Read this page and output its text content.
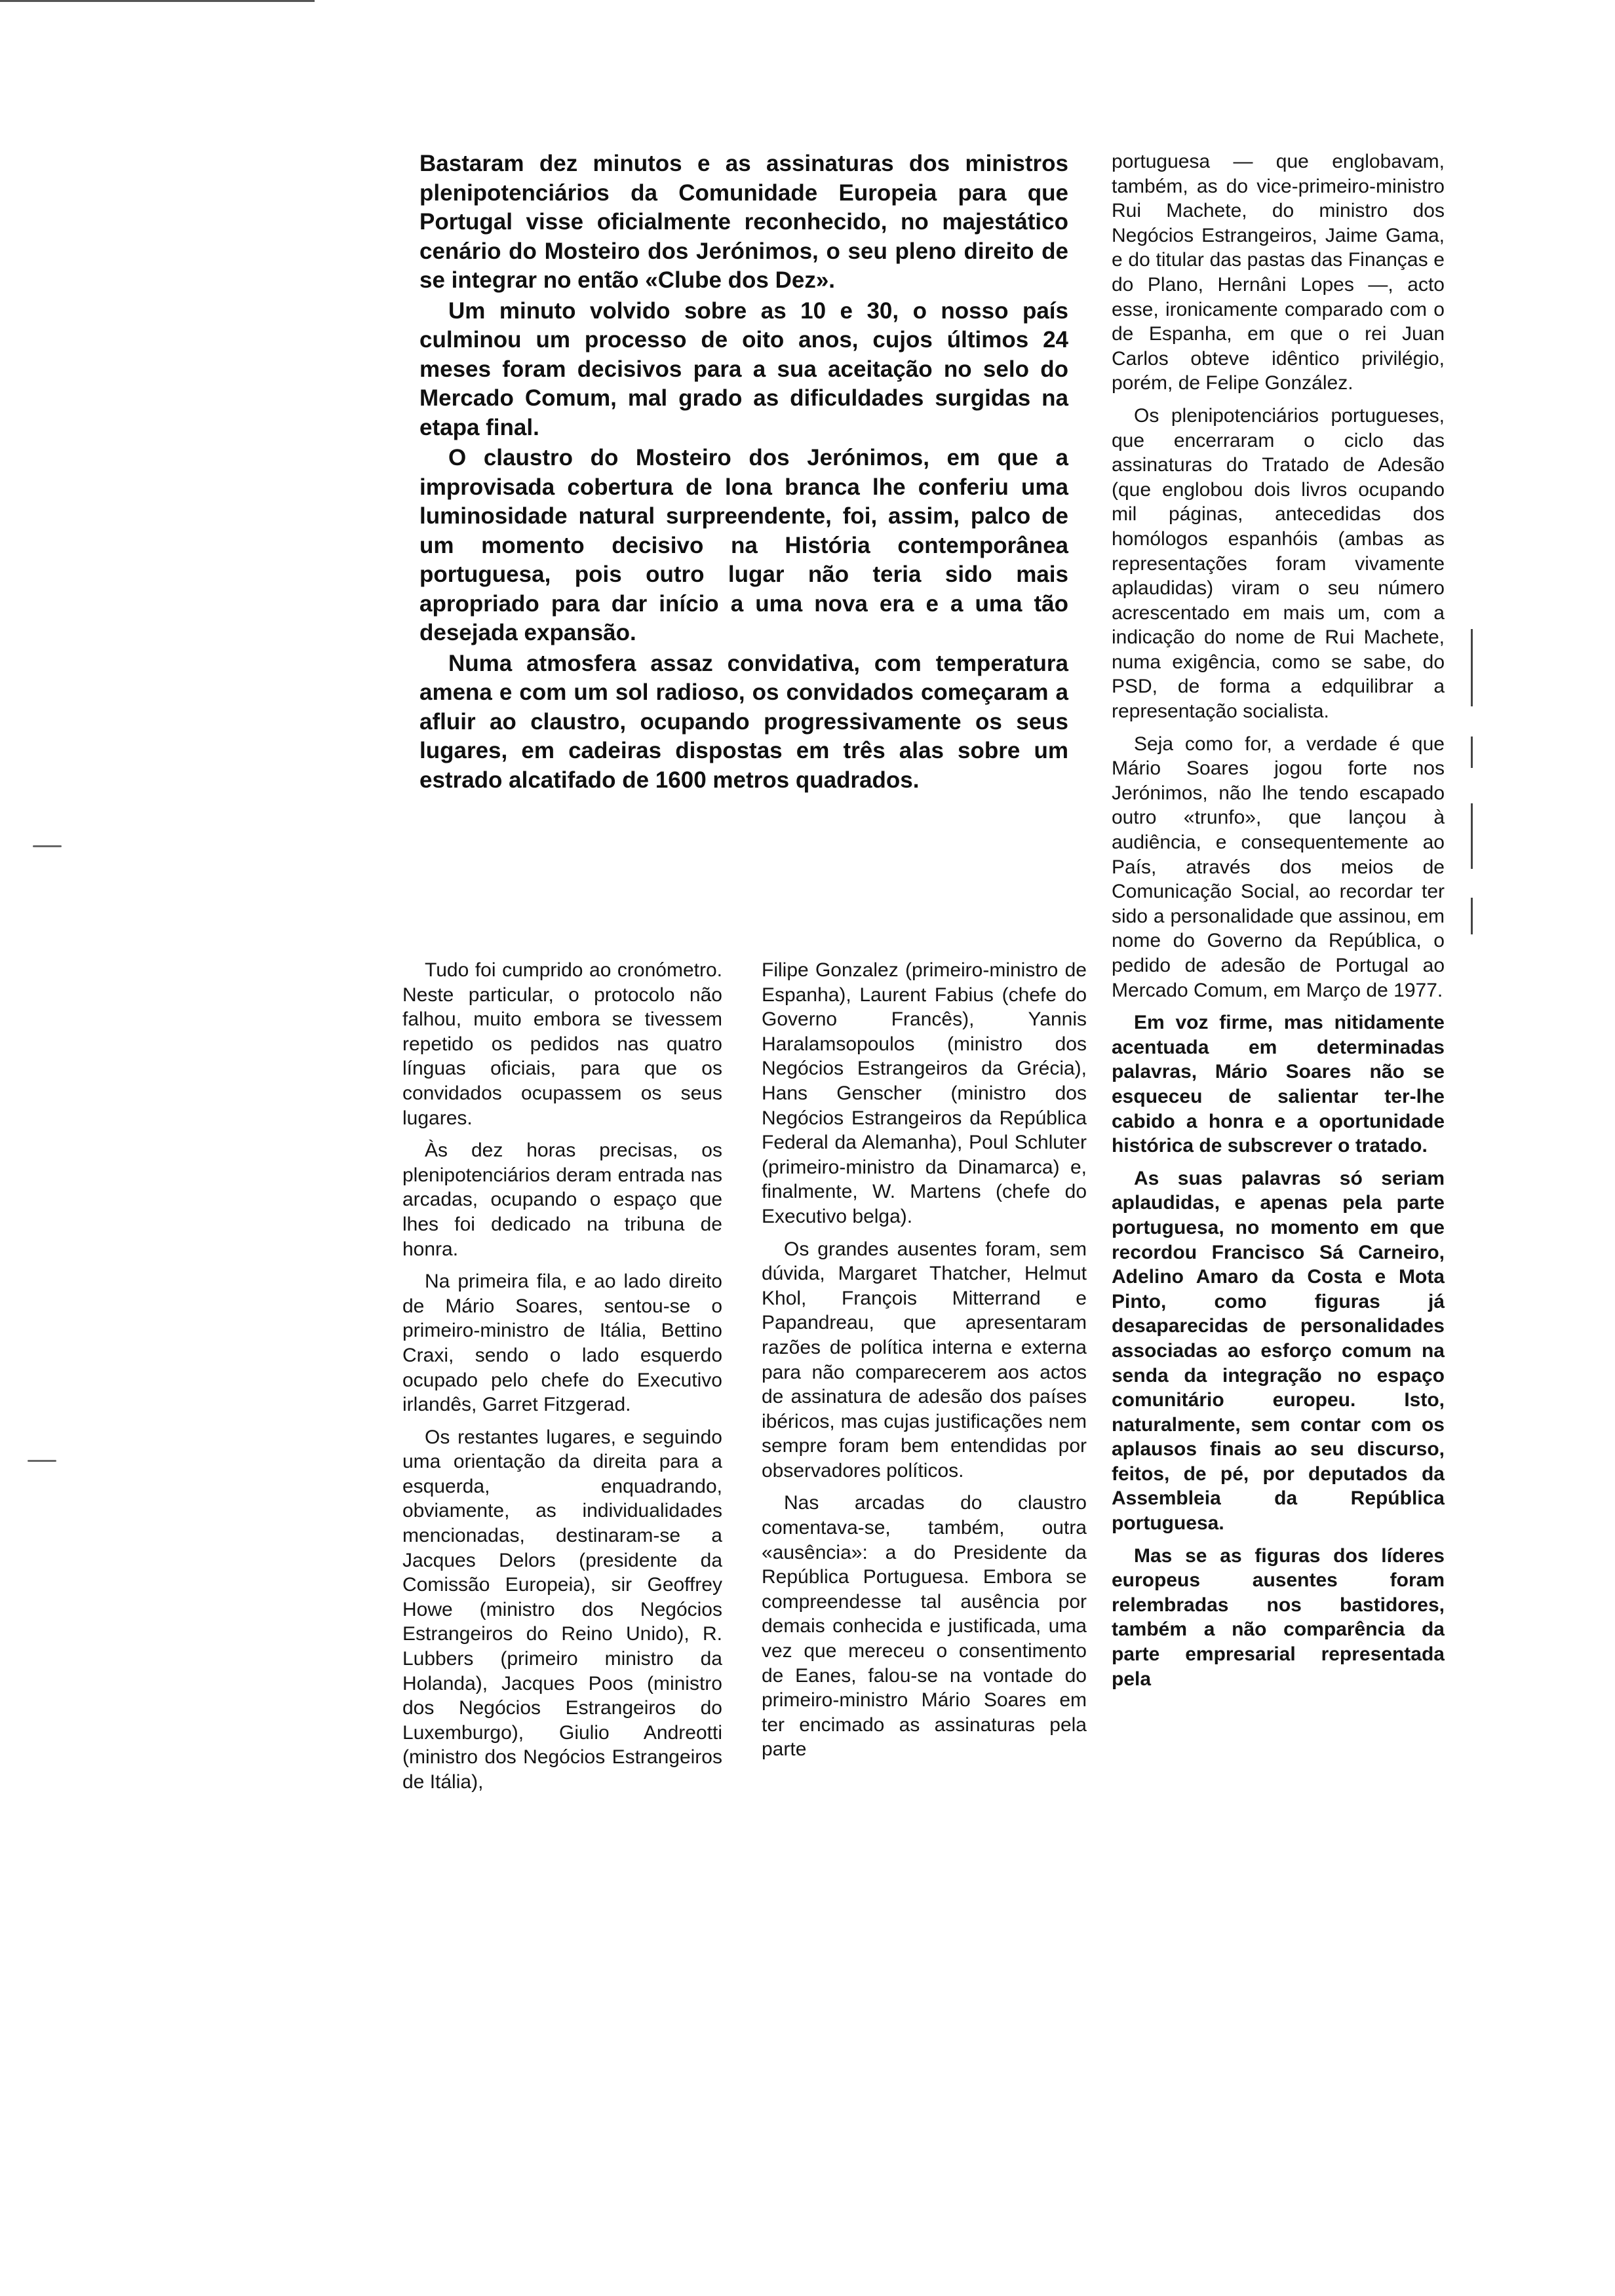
Bastaram dez minutos e as assinaturas dos ministros plenipotenciários da Comunidade Europeia para que Portugal visse oficialmente reconhecido, no majestático cenário do Mosteiro dos Jerónimos, o seu pleno direito de se integrar no então «Clube dos Dez».

Um minuto volvido sobre as 10 e 30, o nosso país culminou um processo de oito anos, cujos últimos 24 meses foram decisivos para a sua aceitação no selo do Mercado Comum, mal grado as dificuldades surgidas na etapa final.

O claustro do Mosteiro dos Jerónimos, em que a improvisada cobertura de lona branca lhe conferiu uma luminosidade natural surpreendente, foi, assim, palco de um momento decisivo na História contemporânea portuguesa, pois outro lugar não teria sido mais apropriado para dar início a uma nova era e a uma tão desejada expansão.

Numa atmosfera assaz convidativa, com temperatura amena e com um sol radioso, os convidados começaram a afluir ao claustro, ocupando progressivamente os seus lugares, em cadeiras dispostas em três alas sobre um estrado alcatifado de 1600 metros quadrados.

Tudo foi cumprido ao cronómetro. Neste particular, o protocolo não falhou, muito embora se tivessem repetido os pedidos nas quatro línguas oficiais, para que os convidados ocupassem os seus lugares.

Às dez horas precisas, os plenipotenciários deram entrada nas arcadas, ocupando o espaço que lhes foi dedicado na tribuna de honra.

Na primeira fila, e ao lado direito de Mário Soares, sentou-se o primeiro-ministro de Itália, Bettino Craxi, sendo o lado esquerdo ocupado pelo chefe do Executivo irlandês, Garret Fitzgerad.

Os restantes lugares, e seguindo uma orientação da direita para a esquerda, enquadrando, obviamente, as individualidades mencionadas, destinaram-se a Jacques Delors (presidente da Comissão Europeia), sir Geoffrey Howe (ministro dos Negócios Estrangeiros do Reino Unido), R. Lubbers (primeiro ministro da Holanda), Jacques Poos (ministro dos Negócios Estrangeiros do Luxemburgo), Giulio Andreotti (ministro dos Negócios Estrangeiros de Itália),

Filipe Gonzalez (primeiro-ministro de Espanha), Laurent Fabius (chefe do Governo Francês), Yannis Haralamsopoulos (ministro dos Negócios Estrangeiros da Grécia), Hans Genscher (ministro dos Negócios Estrangeiros da República Federal da Alemanha), Poul Schluter (primeiro-ministro da Dinamarca) e, finalmente, W. Martens (chefe do Executivo belga).

Os grandes ausentes foram, sem dúvida, Margaret Thatcher, Helmut Khol, François Mitterrand e Papandreau, que apresentaram razões de política interna e externa para não comparecerem aos actos de assinatura de adesão dos países ibéricos, mas cujas justificações nem sempre foram bem entendidas por observadores políticos.

Nas arcadas do claustro comentava-se, também, outra «ausência»: a do Presidente da República Portuguesa. Embora se compreendesse tal ausência por demais conhecida e justificada, uma vez que mereceu o consentimento de Eanes, falou-se na vontade do primeiro-ministro Mário Soares em ter encimado as assinaturas pela parte

portuguesa — que englobavam, também, as do vice-primeiro-ministro Rui Machete, do ministro dos Negócios Estrangeiros, Jaime Gama, e do titular das pastas das Finanças e do Plano, Hernâni Lopes —, acto esse, ironicamente comparado com o de Espanha, em que o rei Juan Carlos obteve idêntico privilégio, porém, de Felipe González.

Os plenipotenciários portugueses, que encerraram o ciclo das assinaturas do Tratado de Adesão (que englobou dois livros ocupando mil páginas, antecedidas dos homólogos espanhóis (ambas as representações foram vivamente aplaudidas) viram o seu número acrescentado em mais um, com a indicação do nome de Rui Machete, numa exigência, como se sabe, do PSD, de forma a edquilibrar a representação socialista.

Seja como for, a verdade é que Mário Soares jogou forte nos Jerónimos, não lhe tendo escapado outro «trunfo», que lançou à audiência, e consequentemente ao País, através dos meios de Comunicação Social, ao recordar ter sido a personalidade que assinou, em nome do Governo da República, o pedido de adesão de Portugal ao Mercado Comum, em Março de 1977.

Em voz firme, mas nitidamente acentuada em determinadas palavras, Mário Soares não se esqueceu de salientar ter-lhe cabido a honra e a oportunidade histórica de subscrever o tratado.

As suas palavras só seriam aplaudidas, e apenas pela parte portuguesa, no momento em que recordou Francisco Sá Carneiro, Adelino Amaro da Costa e Mota Pinto, como figuras já desaparecidas de personalidades associadas ao esforço comum na senda da integração no espaço comunitário europeu. Isto, naturalmente, sem contar com os aplausos finais ao seu discurso, feitos, de pé, por deputados da Assembleia da República portuguesa.

Mas se as figuras dos líderes europeus ausentes foram relembradas nos bastidores, também a não comparência da parte empresarial representada pela
